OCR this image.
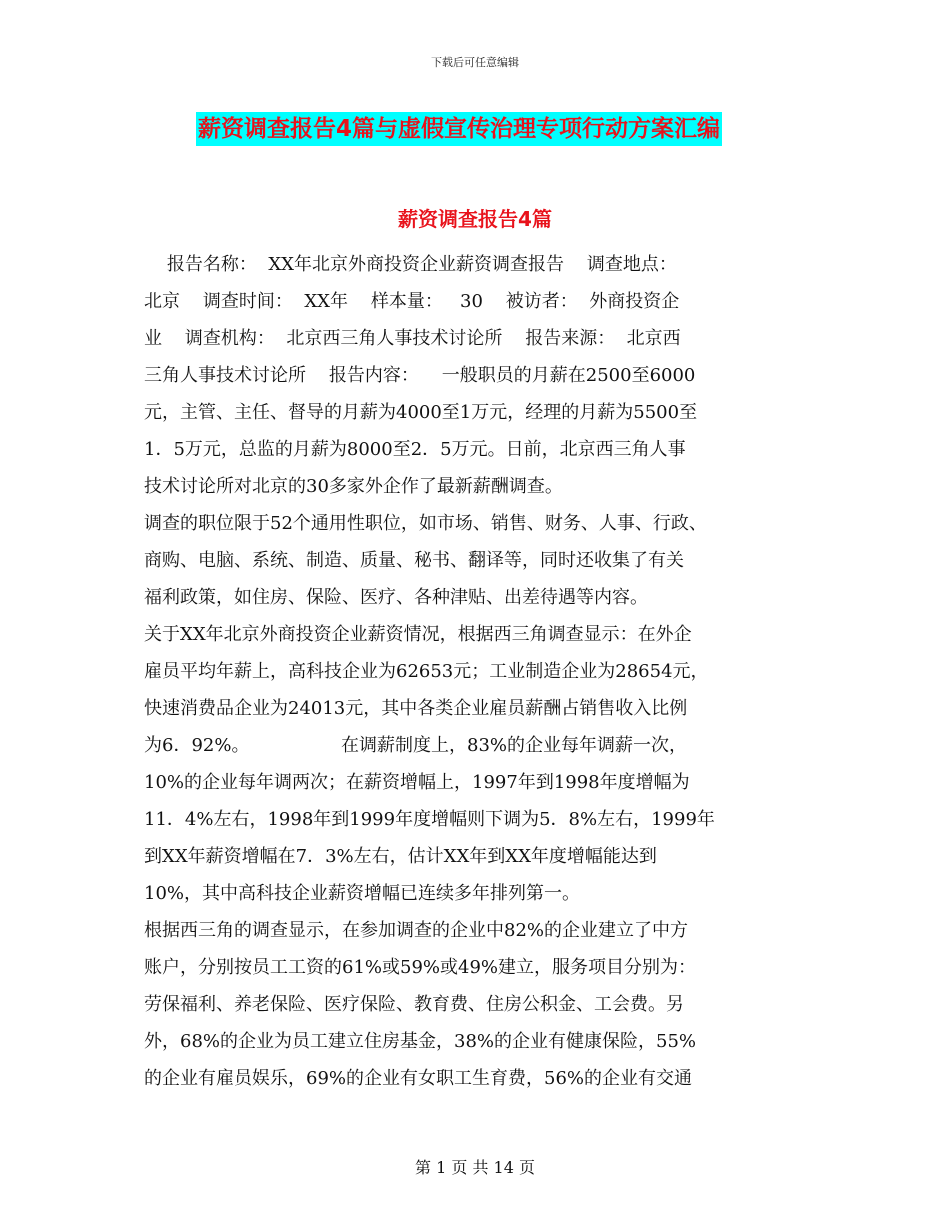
下载后可任意编辑
薪资调查报告4篇与虚假宣传治理专项行动方案汇编
薪资调查报告4篇
报告名称：  XX年北京外商投资企业薪资调查报告    调查地点：
北京    调查时间：  XX年    样本量：   30    被访者：  外商投资企
业    调查机构：  北京西三角人事技术讨论所    报告来源：  北京西
三角人事技术讨论所    报告内容：    一般职员的月薪在2500至6000
元，主管、主任、督导的月薪为4000至1万元，经理的月薪为5500至
1．5万元，总监的月薪为8000至2．5万元。日前，北京西三角人事
技术讨论所对北京的30多家外企作了最新薪酬调查。
调查的职位限于52个通用性职位，如市场、销售、财务、人事、行政、
商购、电脑、系统、制造、质量、秘书、翻译等，同时还收集了有关
福利政策，如住房、保险、医疗、各种津贴、出差待遇等内容。
关于XX年北京外商投资企业薪资情况，根据西三角调查显示：在外企
雇员平均年薪上，高科技企业为62653元；工业制造企业为28654元，
快速消费品企业为24013元，其中各类企业雇员薪酬占销售收入比例
为6．92%。                在调薪制度上，83%的企业每年调薪一次，
10%的企业每年调两次；在薪资增幅上，1997年到1998年度增幅为
11．4%左右，1998年到1999年度增幅则下调为5．8%左右，1999年
到XX年薪资增幅在7．3%左右，估计XX年到XX年度增幅能达到
10%，其中高科技企业薪资增幅已连续多年排列第一。
根据西三角的调查显示，在参加调查的企业中82%的企业建立了中方
账户，分别按员工工资的61%或59%或49%建立，服务项目分别为：
劳保福利、养老保险、医疗保险、教育费、住房公积金、工会费。另
外，68%的企业为员工建立住房基金，38%的企业有健康保险，55%
的企业有雇员娱乐，69%的企业有女职工生育费，56%的企业有交通
第 1 页 共 14 页
